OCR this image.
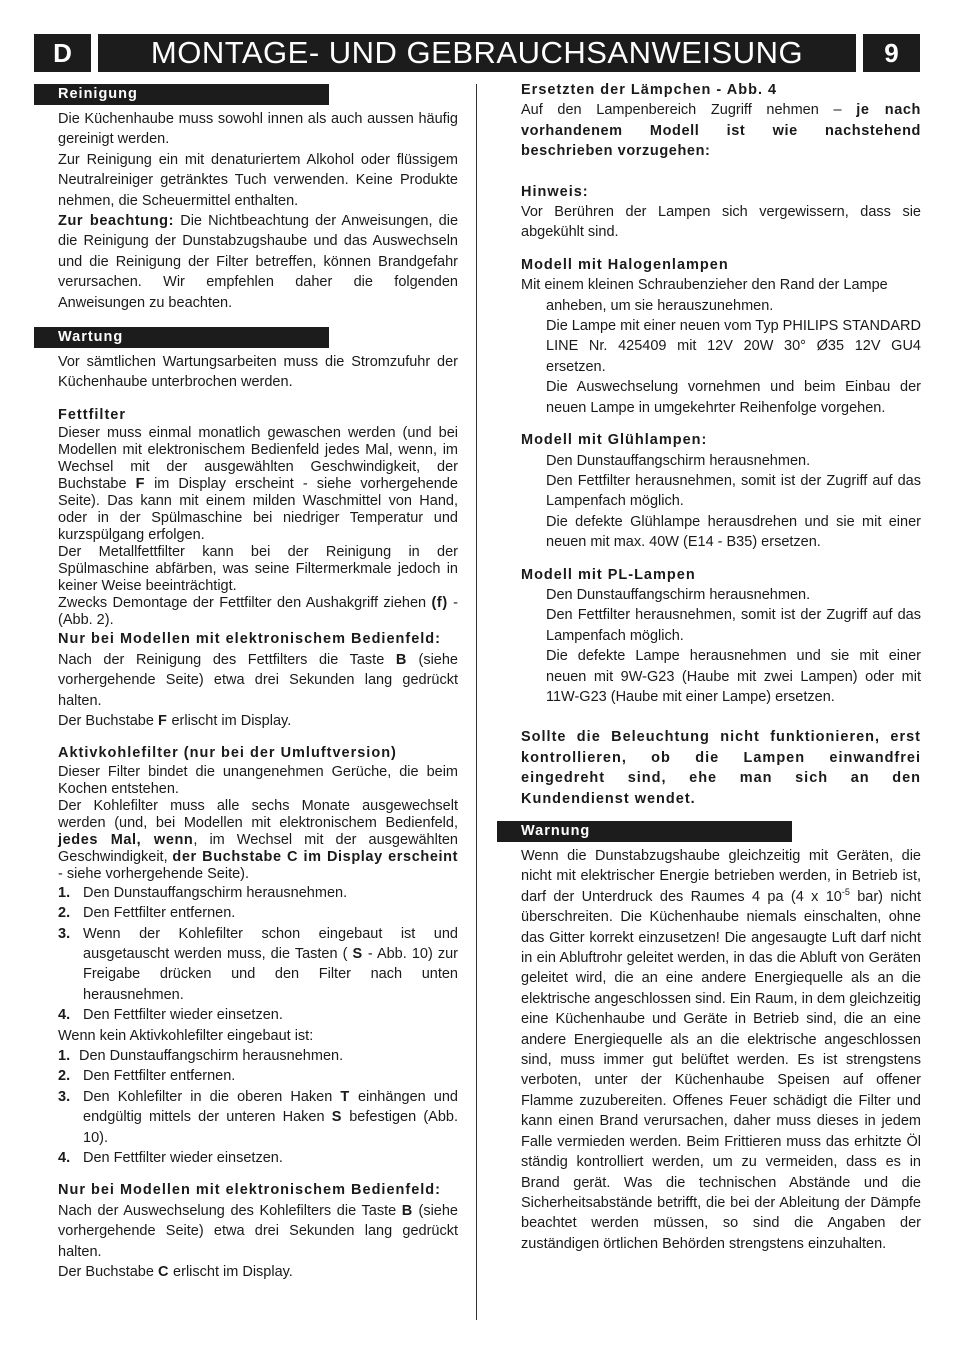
D	MONTAGE- UND GEBRAUCHSANWEISUNG	9
Reinigung

Die Küchenhaube muss sowohl innen als auch aussen häufig gereinigt werden.

Zur Reinigung ein mit denaturiertem Alkohol oder flüssigem Neutralreiniger getränktes Tuch verwenden. Keine Produkte nehmen, die Scheuermittel enthalten.

Zur beachtung: Die Nichtbeachtung der Anweisungen, die die Reinigung der Dunstabzugshaube und das Auswechseln und die Reinigung der Filter betreffen, können Brandgefahr verursachen. Wir empfehlen daher die folgenden Anweisungen zu beachten.

Wartung

Vor sämtlichen Wartungsarbeiten muss die Stromzufuhr der Küchenhaube unterbrochen werden.

Fettfilter

Dieser muss einmal monatlich gewaschen werden (und bei Modellen mit elektronischem Bedienfeld jedes Mal, wenn, im Wechsel mit der ausgewählten Geschwindigkeit, der Buchstabe F im Display erscheint - siehe vorhergehende Seite). Das kann mit einem milden Waschmittel von Hand, oder in der Spülmaschine bei niedriger Temperatur und kurzspülgang erfolgen.

Der Metallfettfilter kann bei der Reinigung in der Spülmaschine abfärben, was seine Filtermerkmale jedoch in keiner Weise beeinträchtigt.

Zwecks Demontage der Fettfilter den Aushakgriff ziehen (f) - (Abb. 2).

Nur bei Modellen mit elektronischem Bedienfeld:

Nach der Reinigung des Fettfilters die Taste B (siehe vorhergehende Seite) etwa drei Sekunden lang gedrückt halten.

Der Buchstabe F erlischt im Display.

Aktivkohlefilter (nur bei der Umluftversion)

Dieser Filter bindet die unangenehmen Gerüche, die beim Kochen entstehen.

Der Kohlefilter muss alle sechs Monate ausgewechselt werden (und, bei Modellen mit elektronischem Bedienfeld, jedes Mal, wenn, im Wechsel mit der ausgewählten Geschwindigkeit, der Buchstabe C im Display erscheint - siehe vorhergehende Seite).

1. Den Dunstauffangschirm herausnehmen.
2. Den Fettfilter entfernen.
3. Wenn der Kohlefilter schon eingebaut ist und ausgetauscht werden muss, die Tasten ( S - Abb. 10) zur Freigabe drücken und den Filter nach unten herausnehmen.
4. Den Fettfilter wieder einsetzen.

Wenn kein Aktivkohlefilter eingebaut ist:

1. Den Dunstauffangschirm herausnehmen.
2. Den Fettfilter entfernen.
3. Den Kohlefilter in die oberen Haken T einhängen und endgültig mittels der unteren Haken S befestigen (Abb. 10).
4. Den Fettfilter wieder einsetzen.

Nur bei Modellen mit elektronischem Bedienfeld:

Nach der Auswechselung des Kohlefilters die Taste B (siehe vorhergehende Seite) etwa drei Sekunden lang gedrückt halten.

Der Buchstabe C erlischt im Display.

Ersetzten der Lämpchen - Abb. 4

Auf den Lampenbereich Zugriff nehmen – je nach vorhandenem Modell ist wie nachstehend beschrieben vorzugehen:

Hinweis:

Vor Berühren der Lampen sich vergewissern, dass sie abgekühlt sind.

Modell mit Halogenlampen

Mit einem kleinen Schraubenzieher den Rand der Lampe

anheben, um sie herauszunehmen.

Die Lampe mit einer neuen vom Typ PHILIPS STANDARD LINE Nr. 425409 mit 12V 20W 30° Ø35 12V GU4 ersetzen.

Die Auswechselung vornehmen und beim Einbau der neuen Lampe in umgekehrter Reihenfolge vorgehen.

Modell mit Glühlampen:

Den Dunstauffangschirm herausnehmen.

Den Fettfilter herausnehmen, somit ist der Zugriff auf das Lampenfach möglich.

Die defekte Glühlampe herausdrehen und sie mit einer neuen mit max. 40W (E14 - B35) ersetzen.

Modell mit PL-Lampen

Den Dunstauffangschirm herausnehmen.

Den Fettfilter herausnehmen, somit ist der Zugriff auf das Lampenfach möglich.

Die defekte Lampe herausnehmen und sie mit einer neuen mit 9W-G23 (Haube mit zwei Lampen) oder mit 11W-G23 (Haube mit einer Lampe) ersetzen.

Sollte die Beleuchtung nicht funktionieren, erst kontrollieren, ob die Lampen einwandfrei eingedreht sind, ehe man sich an den Kundendienst wendet.

Warnung

Wenn die Dunstabzugshaube gleichzeitig mit Geräten, die nicht mit elektrischer Energie betrieben werden, in Betrieb ist, darf der Unterdruck des Raumes 4 pa (4 x $10^{-5}$ bar) nicht überschreiten. Die Küchenhaube niemals einschalten, ohne das Gitter korrekt einzusetzen! Die angesaugte Luft darf nicht in ein Abluftrohr geleitet werden, in das die Abluft von Geräten geleitet wird, die an eine andere Energiequelle als an die elektrische angeschlossen sind. Ein Raum, in dem gleichzeitig eine Küchenhaube und Geräte in Betrieb sind, die an eine andere Energiequelle als an die elektrische angeschlossen sind, muss immer gut belüftet werden. Es ist strengstens verboten, unter der Küchenhaube Speisen auf offener Flamme zuzubereiten. Offenes Feuer schädigt die Filter und kann einen Brand verursachen, daher muss dieses in jedem Falle vermieden werden. Beim Frittieren muss das erhitzte Öl ständig kontrolliert werden, um zu vermeiden, dass es in Brand gerät. Was die technischen Abstände und die Sicherheitsabstände betrifft, die bei der Ableitung der Dämpfe beachtet werden müssen, so sind die Angaben der zuständigen örtlichen Behörden strengstens einzuhalten.
